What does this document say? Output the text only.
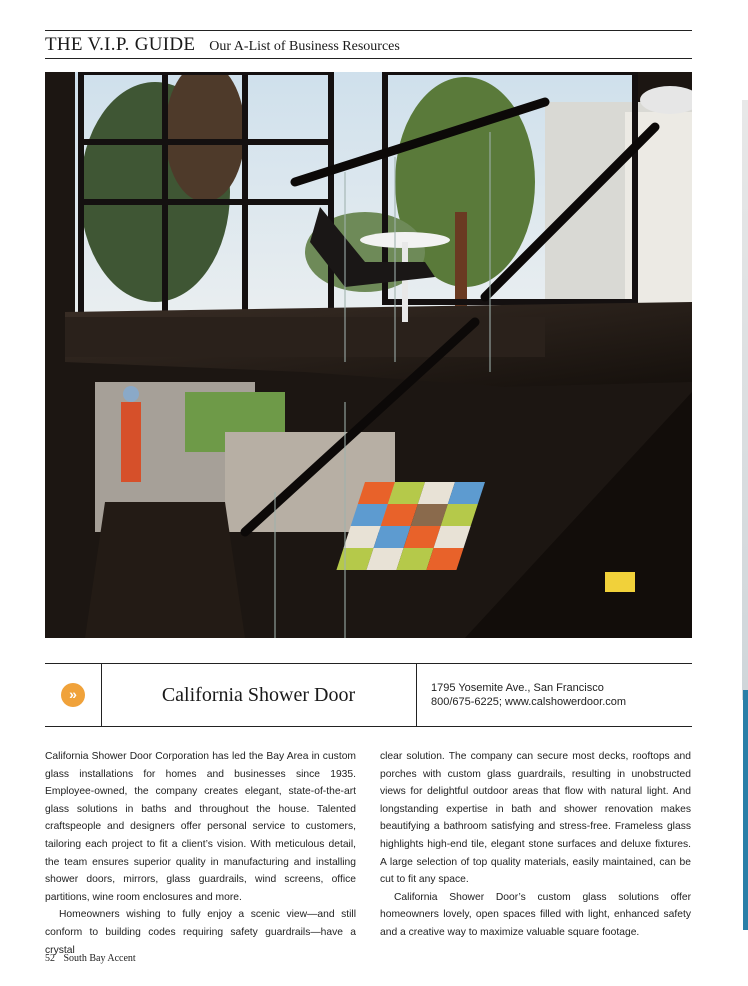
THE V.I.P. GUIDE Our A-List of Business Resources
»	California Shower Door	1795 Yosemite Ave., San Francisco
800/675-6225; www.calshowerdoor.com

California Shower Door Corporation has led the Bay Area in custom glass installations for homes and businesses since 1935. Employee-owned, the company creates elegant, state-of-the-art glass solutions in baths and throughout the house. Talented craftspeople and designers offer personal service to customers, tailoring each project to fit a client’s vision. With meticulous detail, the team ensures superior quality in manufacturing and installing shower doors, mirrors, glass guardrails, wind screens, office partitions, wine room enclosures and more.

Homeowners wishing to fully enjoy a scenic view—and still conform to building codes requiring safety guardrails—have a crystal

clear solution. The company can secure most decks, rooftops and porches with custom glass guardrails, resulting in unobstructed views for delightful outdoor areas that flow with natural light. And longstanding expertise in bath and shower renovation makes beautifying a bathroom satisfying and stress-free. Frameless glass highlights high-end tile, elegant stone surfaces and deluxe fixtures. A large selection of top quality materials, easily maintained, can be cut to fit any space.

California Shower Door’s custom glass solutions offer homeowners lovely, open spaces filled with light, enhanced safety and a creative way to maximize valuable square footage.

52 South Bay Accent
